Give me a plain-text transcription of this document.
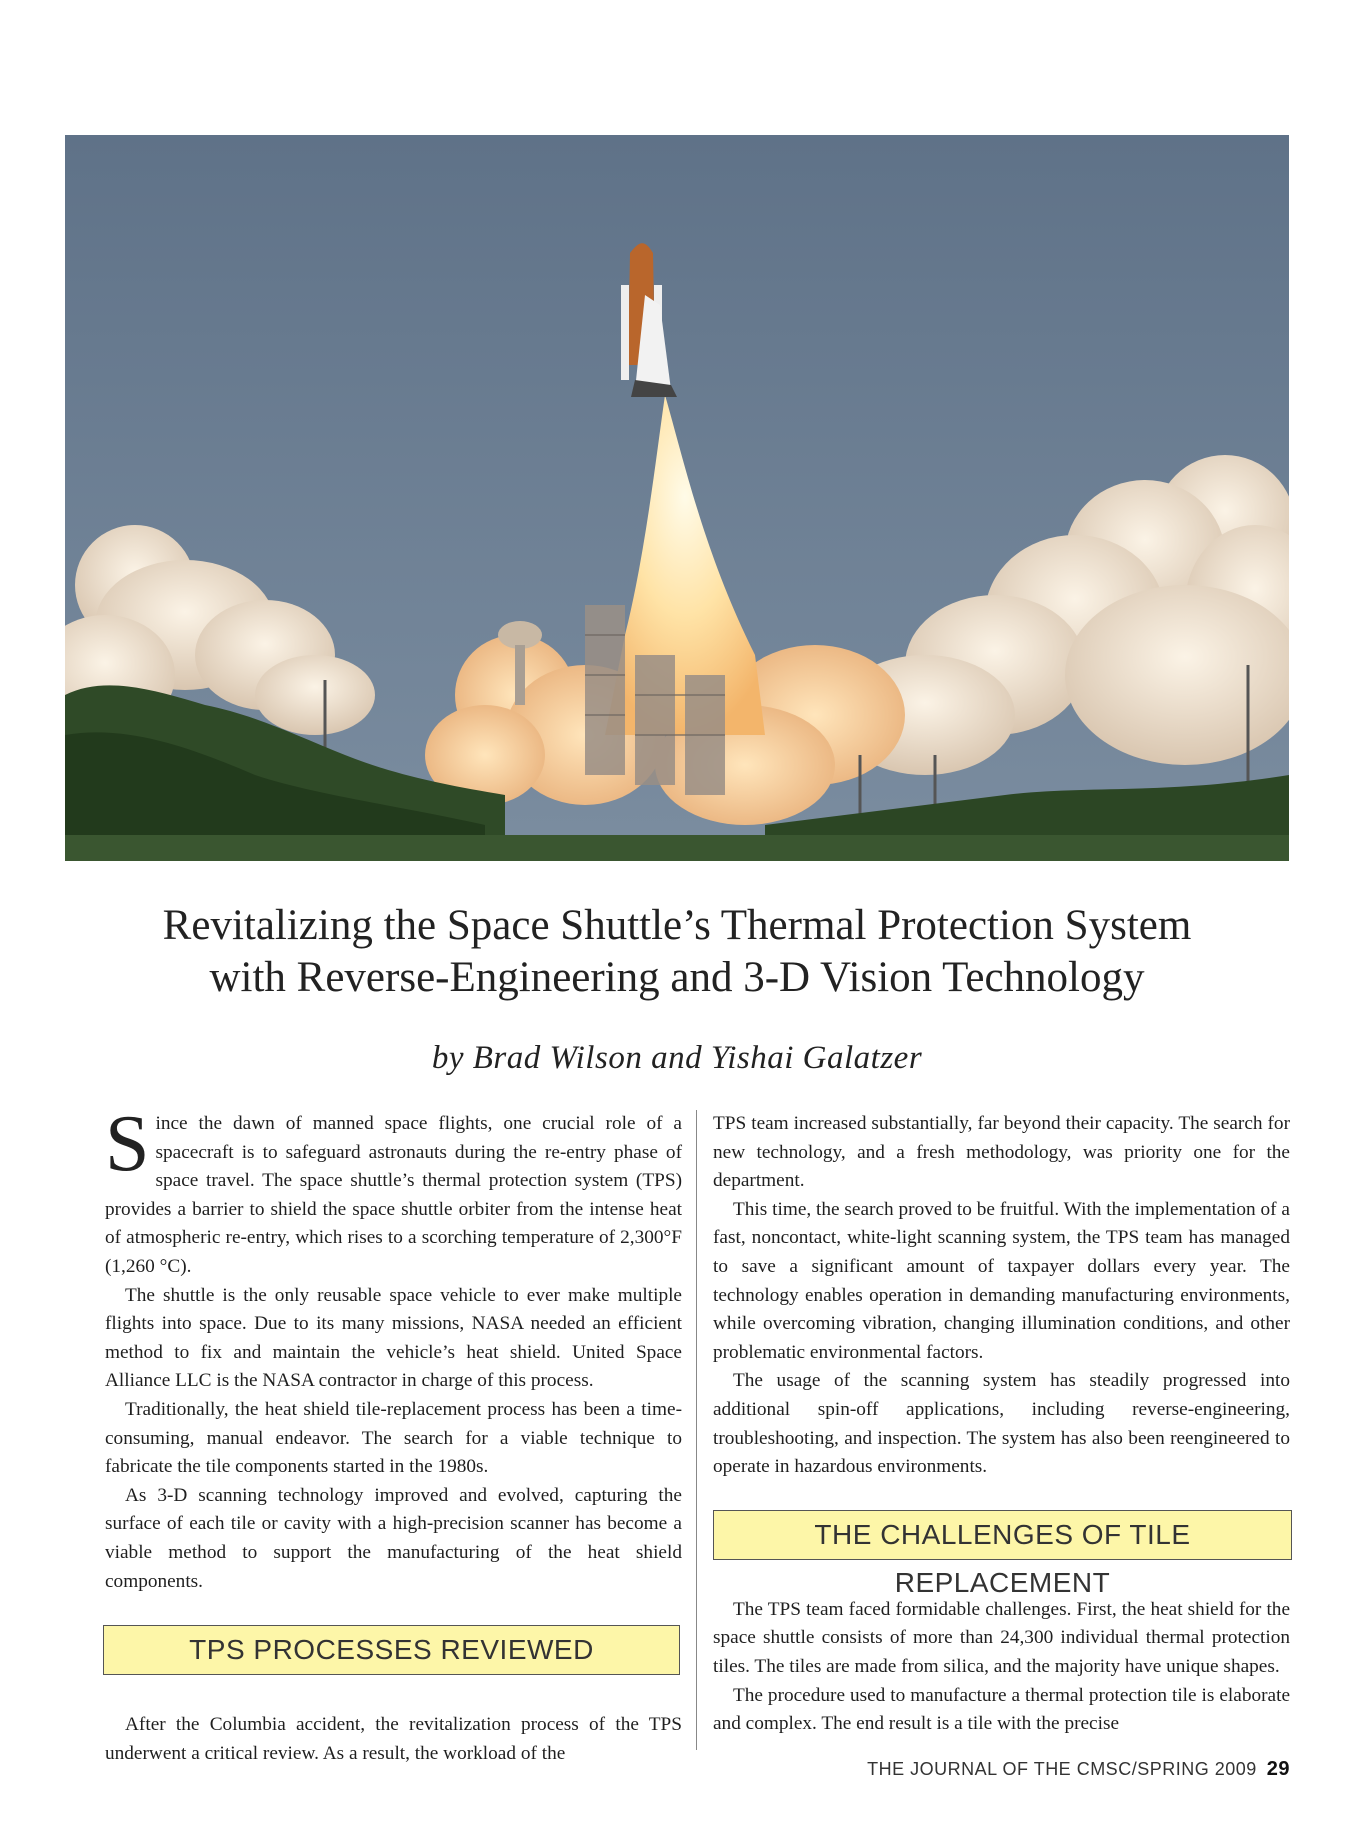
Revitalizing the Space Shuttle’s Thermal Protection System
with Reverse-Engineering and 3-D Vision Technology
by Brad Wilson and Yishai Galatzer

Since the dawn of manned space flights, one crucial role of a spacecraft is to safeguard astronauts during the re-entry phase of space travel. The space shuttle’s thermal protection system (TPS) provides a barrier to shield the space shuttle orbiter from the intense heat of atmospheric re-entry, which rises to a scorching temperature of 2,300°F (1,260 °C).

The shuttle is the only reusable space vehicle to ever make multiple flights into space. Due to its many missions, NASA needed an efficient method to fix and maintain the vehicle’s heat shield. United Space Alliance LLC is the NASA contractor in charge of this process.

Traditionally, the heat shield tile-replacement process has been a time-consuming, manual endeavor. The search for a viable technique to fabricate the tile components started in the 1980s.

As 3-D scanning technology improved and evolved, capturing the surface of each tile or cavity with a high-precision scanner has become a viable method to support the manufacturing of the heat shield components.

TPS PROCESSES REVIEWED

After the Columbia accident, the revitalization process of the TPS underwent a critical review. As a result, the workload of the

TPS team increased substantially, far beyond their capacity. The search for new technology, and a fresh methodology, was priority one for the department.

This time, the search proved to be fruitful. With the implementation of a fast, noncontact, white-light scanning system, the TPS team has managed to save a significant amount of taxpayer dollars every year. The technology enables operation in demanding manufacturing environments, while overcoming vibration, changing illumination conditions, and other problematic environmental factors.

The usage of the scanning system has steadily progressed into additional spin-off applications, including reverse-engineering, troubleshooting, and inspection. The system has also been reengineered to operate in hazardous environments.

THE CHALLENGES OF TILE REPLACEMENT

The TPS team faced formidable challenges. First, the heat shield for the space shuttle consists of more than 24,300 individual thermal protection tiles. The tiles are made from silica, and the majority have unique shapes.

The procedure used to manufacture a thermal protection tile is elaborate and complex. The end result is a tile with the precise

THE JOURNAL OF THE CMSC/SPRING 2009 29
